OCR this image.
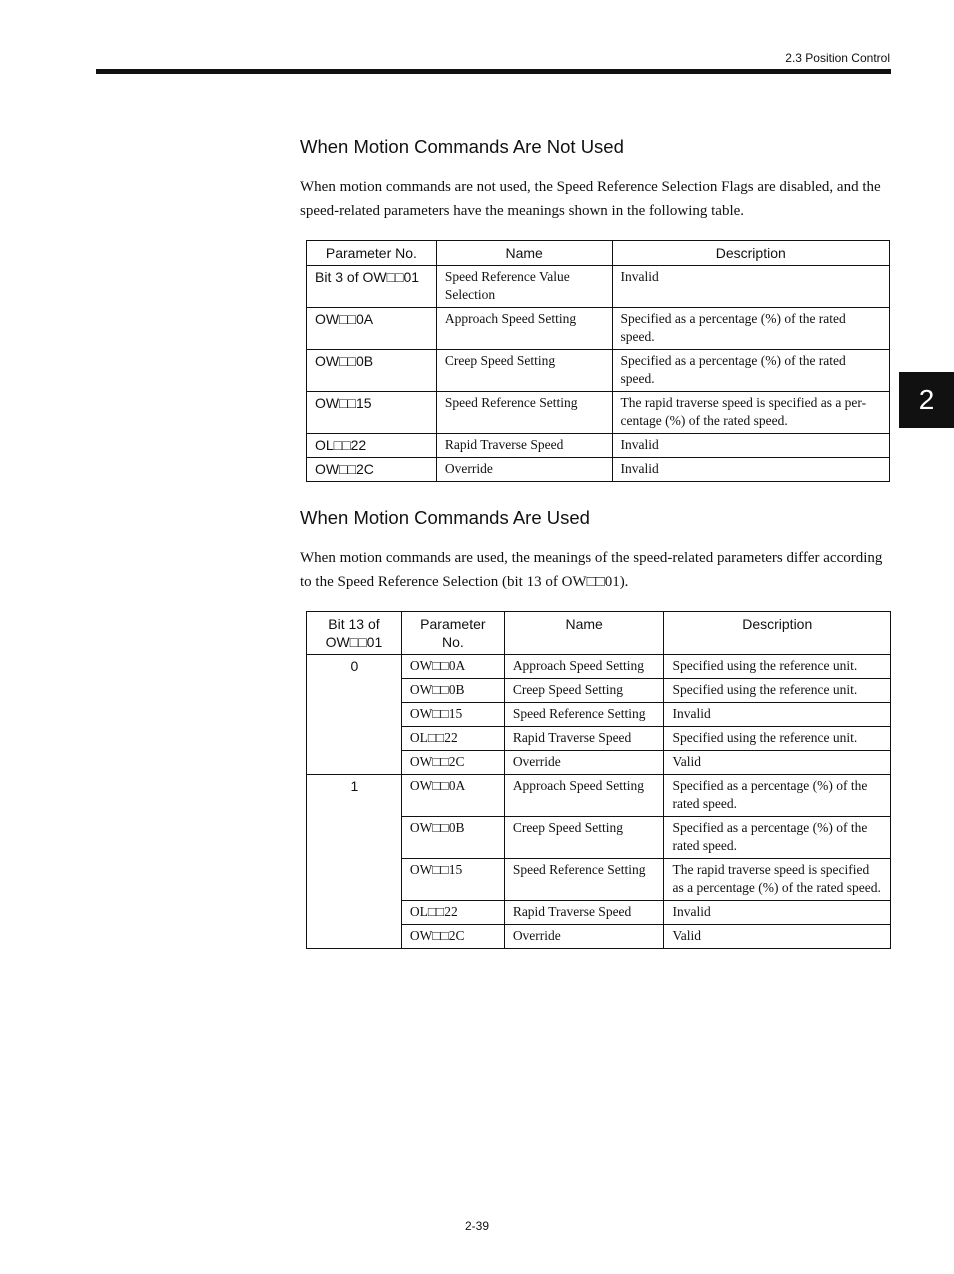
2.3 Position Control
2
When Motion Commands Are Not Used

When motion commands are not used, the Speed Reference Selection Flags are disabled, and the speed-related parameters have the meanings shown in the following table.

Parameter No.	Name	Description
Bit 3 of OW□□01	Speed Reference Value Selection	Invalid
OW□□0A	Approach Speed Setting	Specified as a percentage (%) of the rated speed.
OW□□0B	Creep Speed Setting	Specified as a percentage (%) of the rated speed.
OW□□15	Speed Reference Setting	The rapid traverse speed is specified as a per-centage (%) of the rated speed.
OL□□22	Rapid Traverse Speed	Invalid
OW□□2C	Override	Invalid
When Motion Commands Are Used

When motion commands are used, the meanings of the speed-related parameters differ according to the Speed Reference Selection (bit 13 of OW□□01).

Bit 13 of OW□□01	Parameter No.	Name	Description
0	OW□□0A	Approach Speed Setting	Specified using the reference unit.
	OW□□0B	Creep Speed Setting	Specified using the reference unit.
	OW□□15	Speed Reference Setting	Invalid
	OL□□22	Rapid Traverse Speed	Specified using the reference unit.
	OW□□2C	Override	Valid
1	OW□□0A	Approach Speed Setting	Specified as a percentage (%) of the rated speed.
	OW□□0B	Creep Speed Setting	Specified as a percentage (%) of the rated speed.
	OW□□15	Speed Reference Setting	The rapid traverse speed is specified as a percentage (%) of the rated speed.
	OL□□22	Rapid Traverse Speed	Invalid
	OW□□2C	Override	Valid
2-39
